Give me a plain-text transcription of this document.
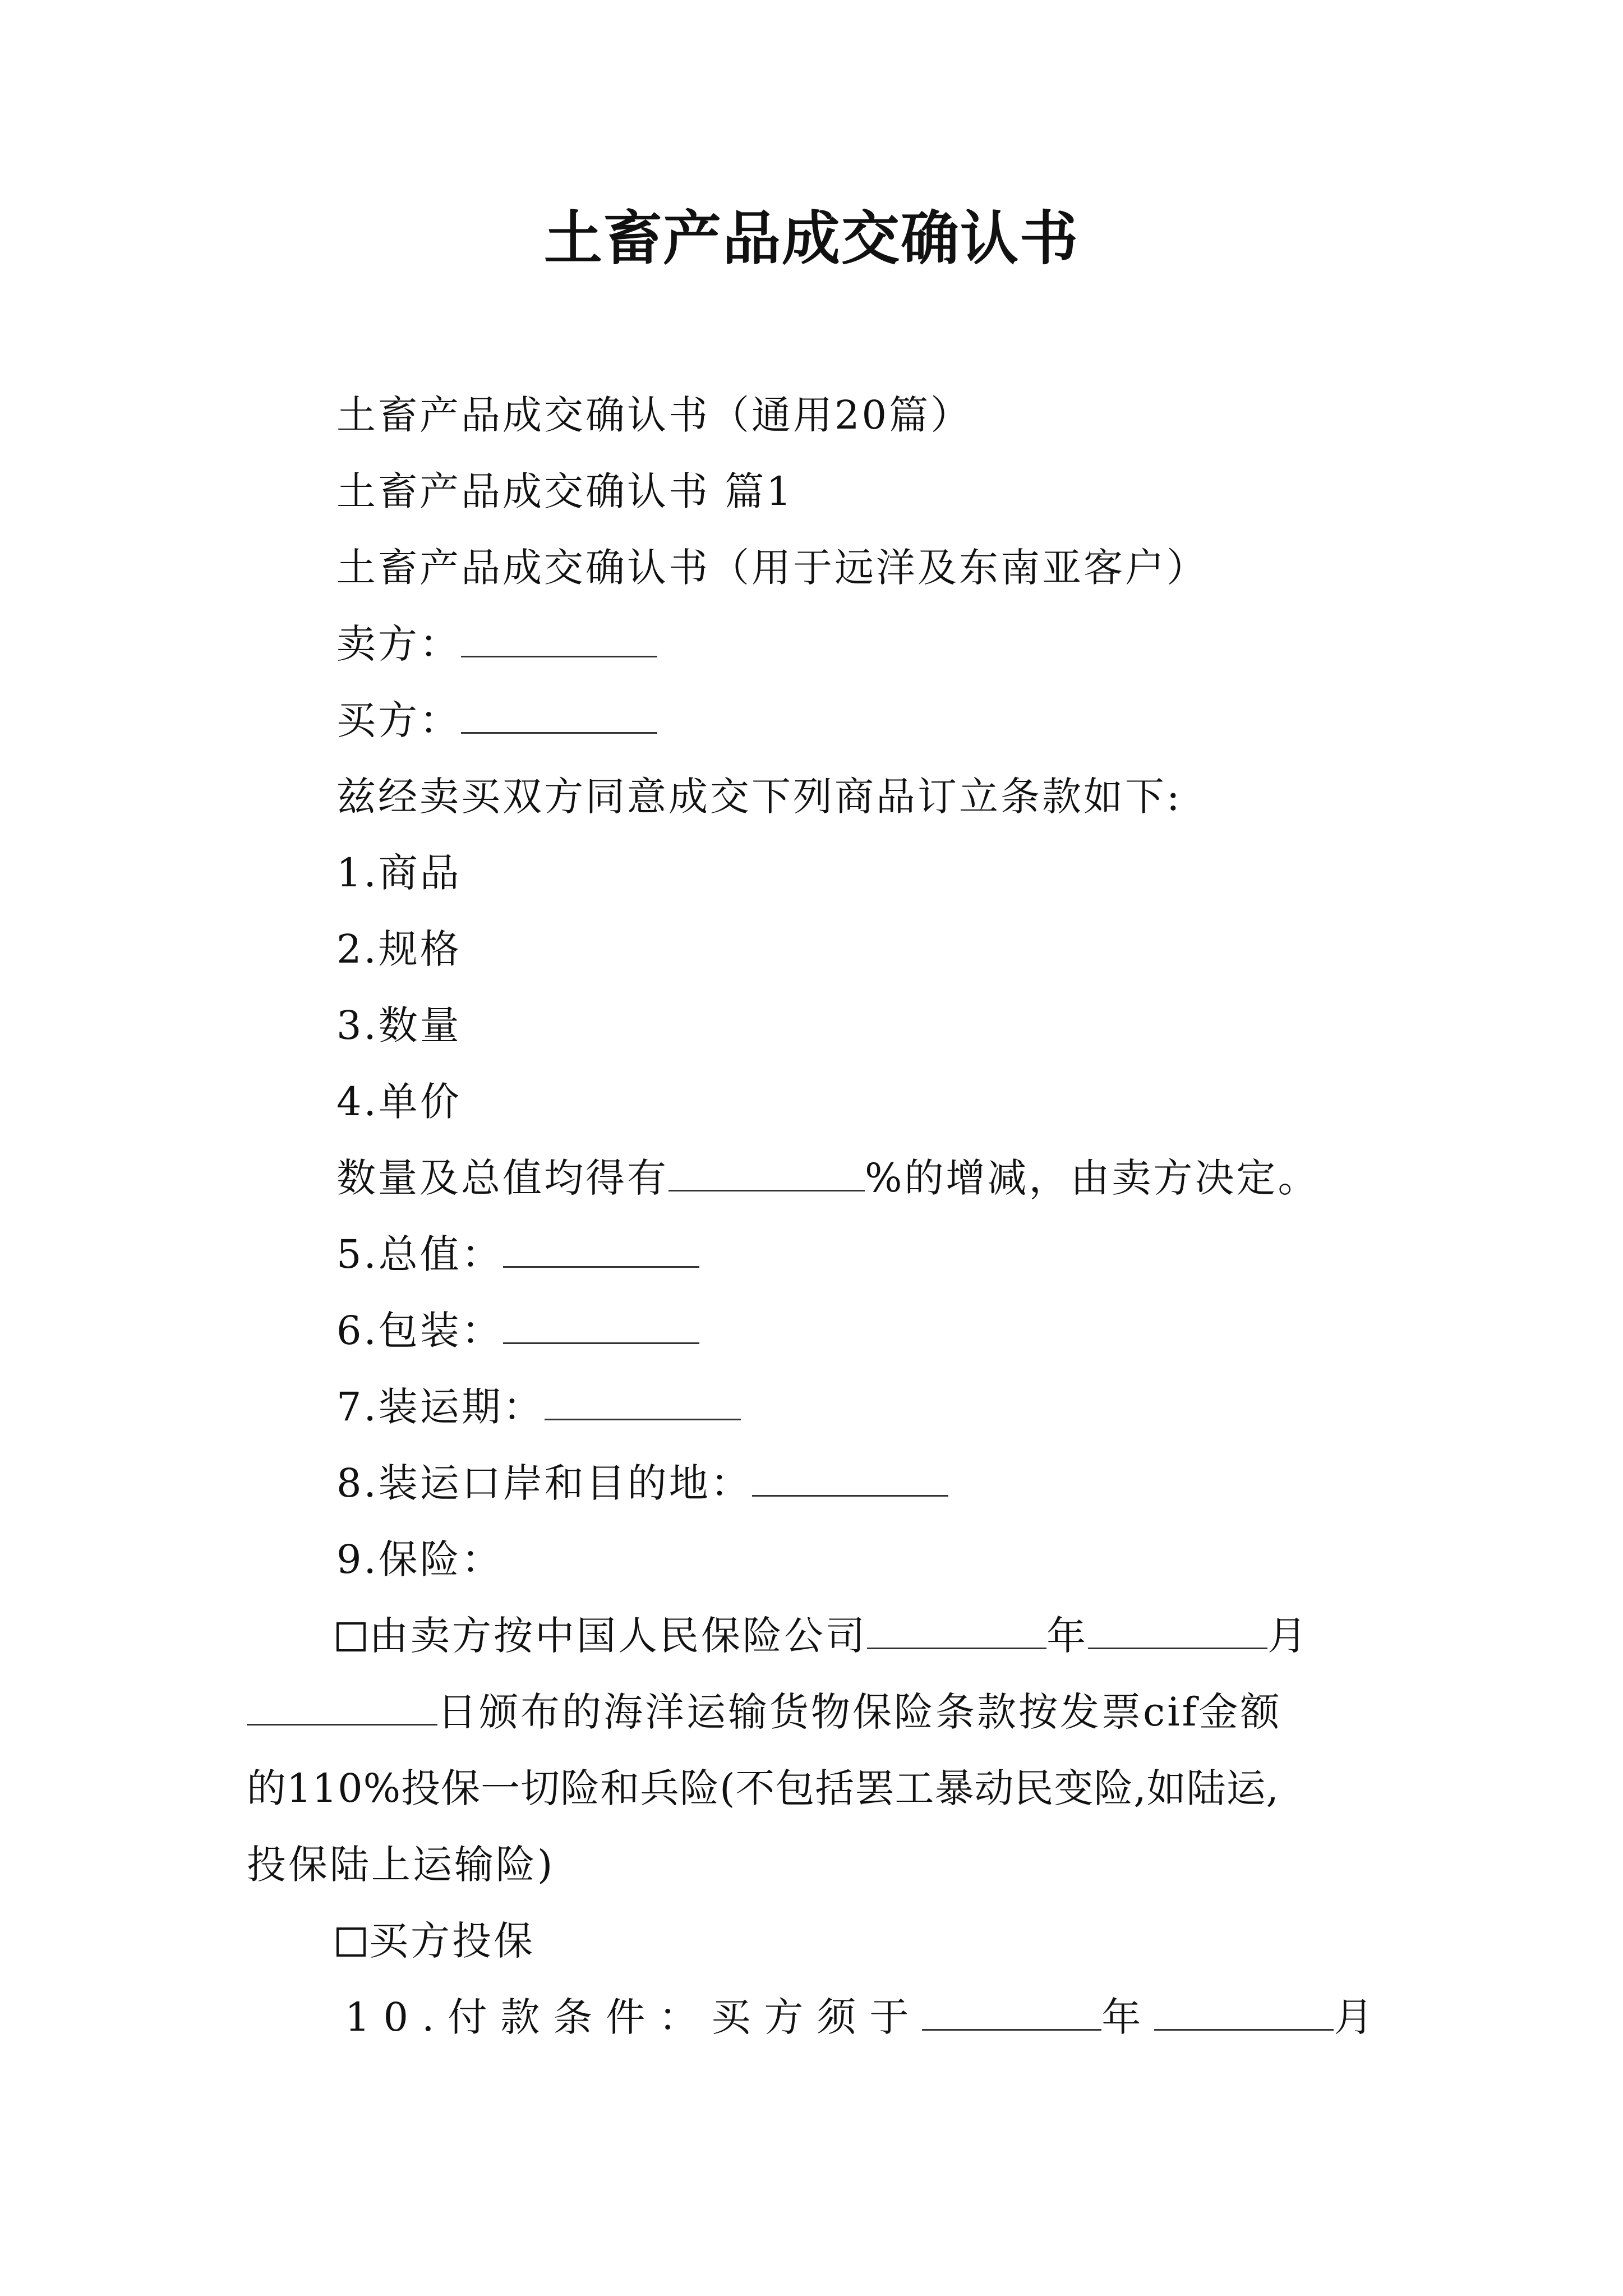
土畜产品成交确认书
土畜产品成交确认书（通用20篇）
土畜产品成交确认书 篇1
土畜产品成交确认书（用于远洋及东南亚客户）
卖方：
买方：
兹经卖买双方同意成交下列商品订立条款如下:
1.商品
2.规格
3.数量
4.单价
数量及总值均得有	%的增减，由卖方决定。
5.总值：
6.包装：
7.装运期：
8.装运口岸和目的地：
9.保险：
由卖方按中国人民保险公司	年	月
日颁布的海洋运输货物保险条款按发票cif金额
的110%投保一切险和兵险(不包括罢工暴动民变险,如陆运,
投保陆上运输险)
买方投保
10.付款条件：买方须于	年	月
